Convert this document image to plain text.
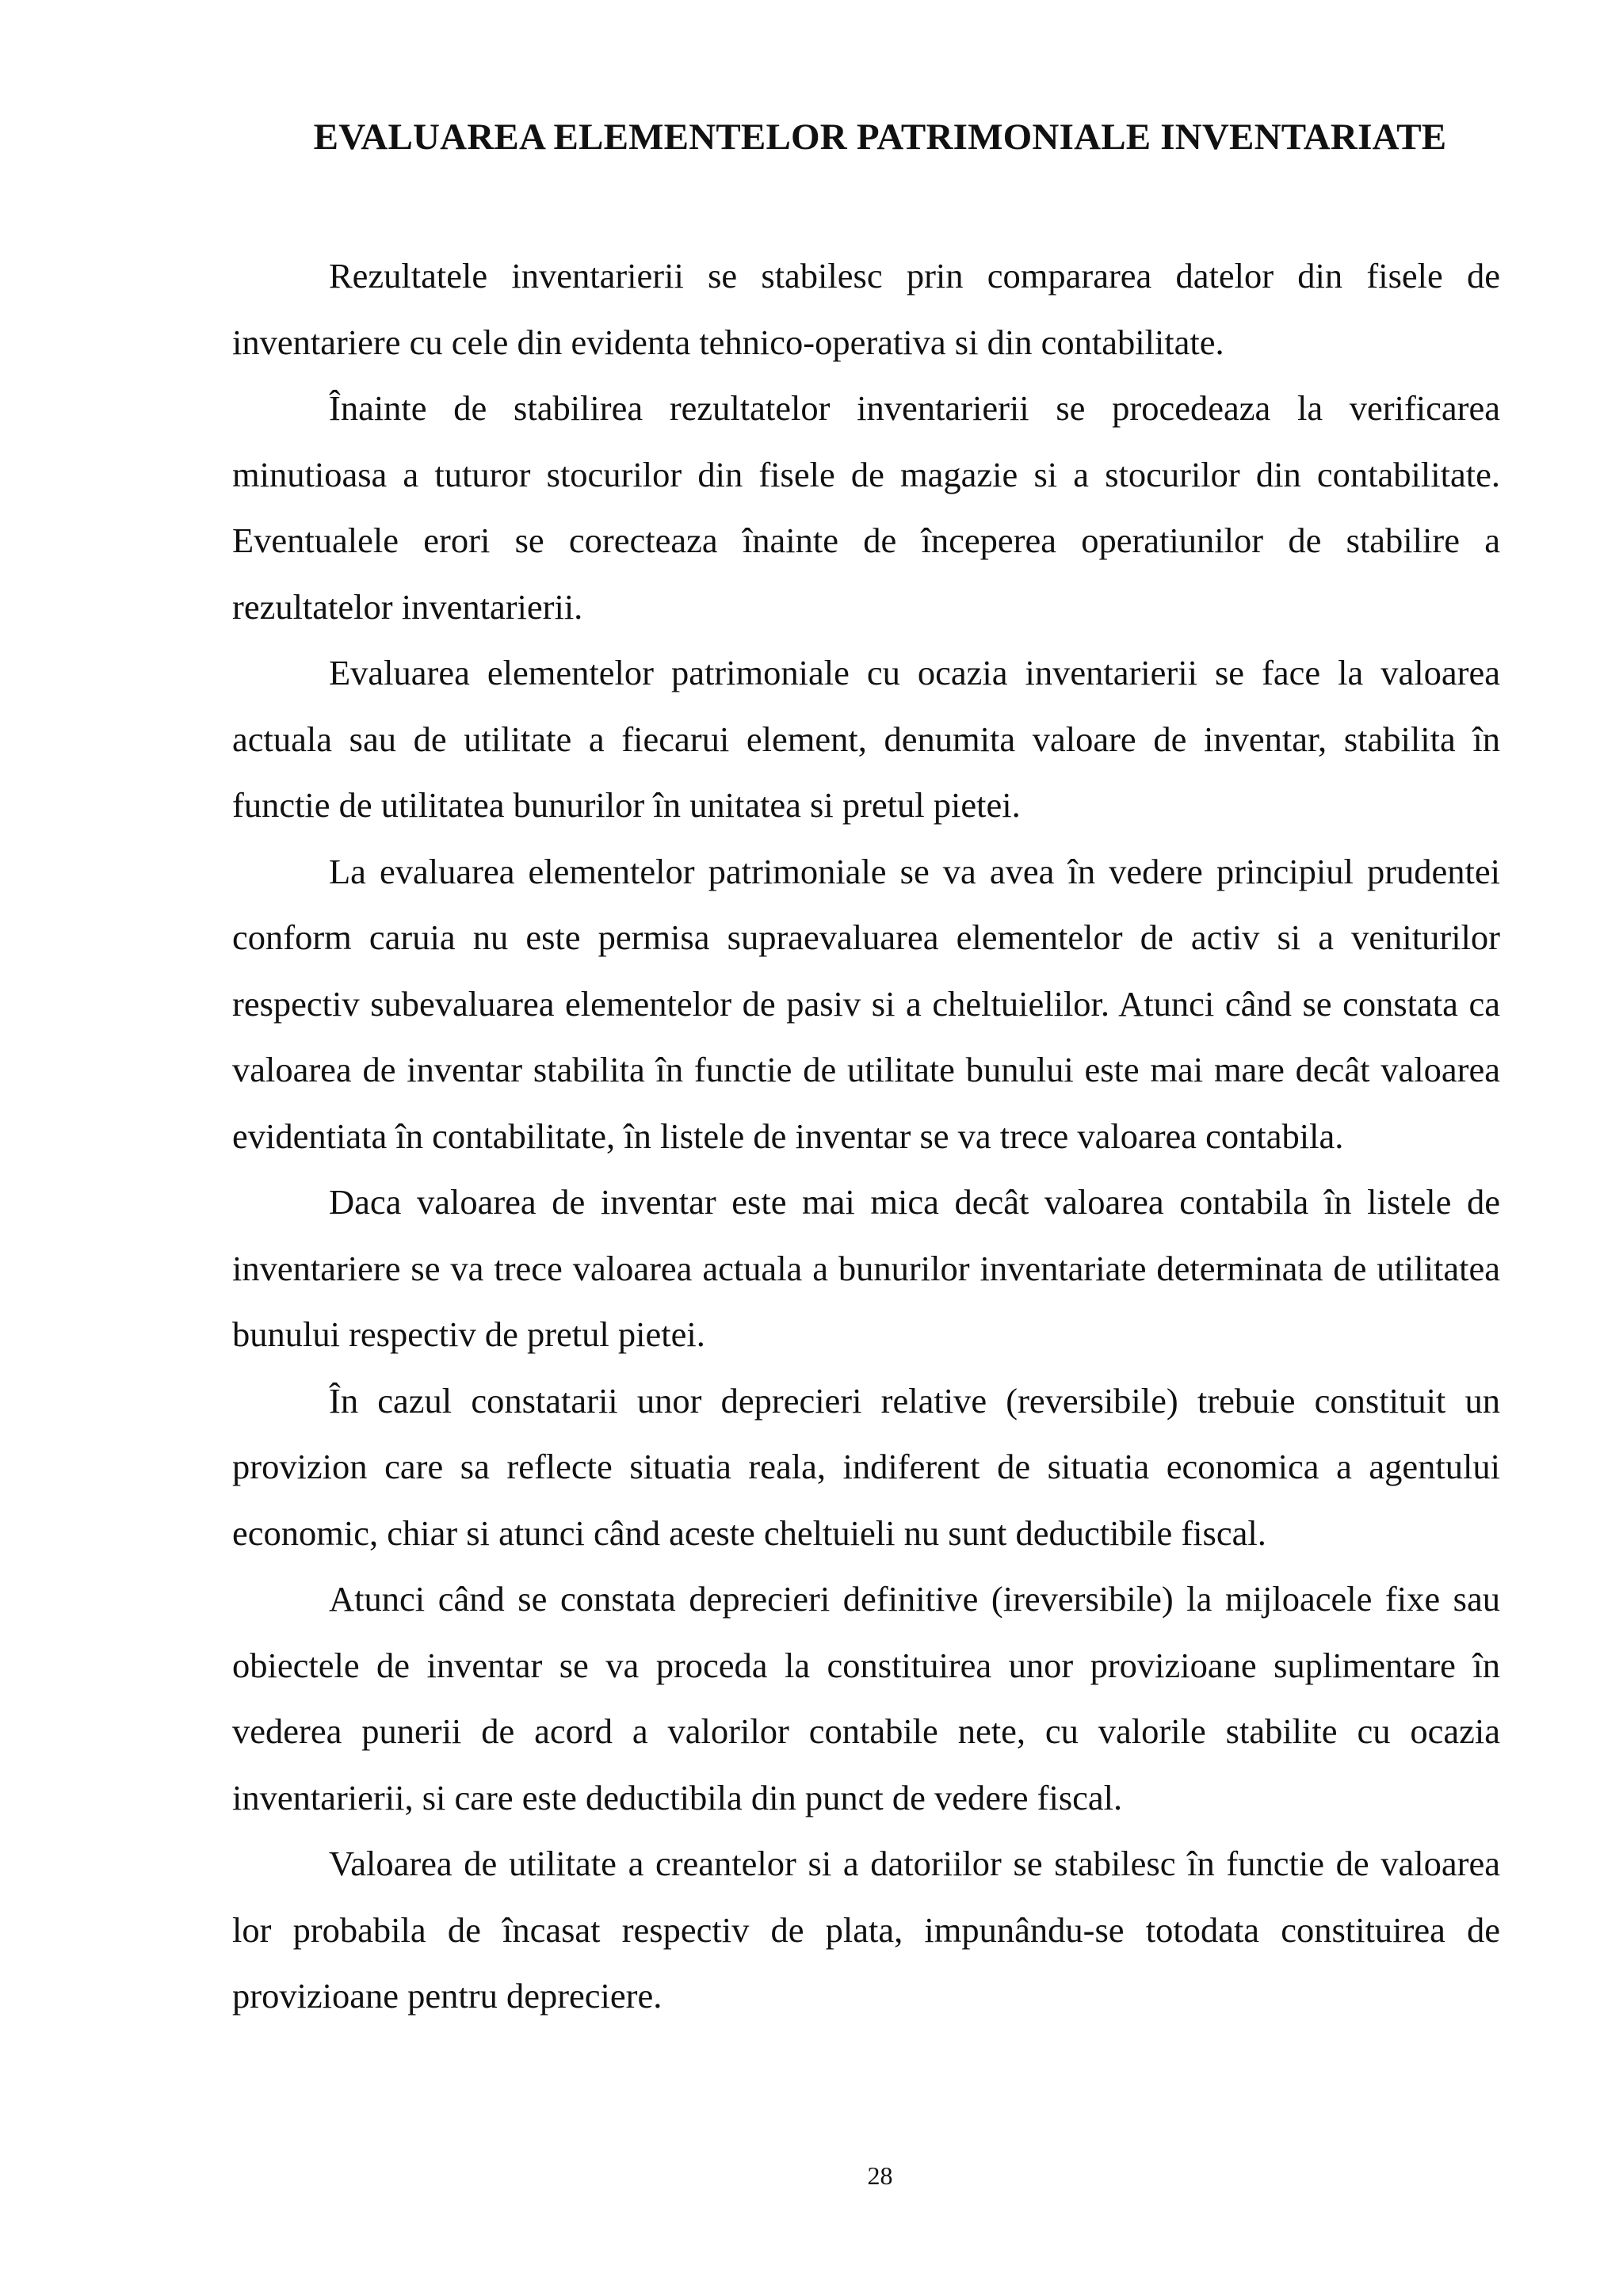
EVALUAREA ELEMENTELOR PATRIMONIALE INVENTARIATE

Rezultatele inventarierii se stabilesc prin compararea datelor din fisele de inventariere cu cele din evidenta tehnico-operativa si din contabilitate.

Înainte de stabilirea rezultatelor inventarierii se procedeaza la verificarea minutioasa a tuturor stocurilor din fisele de magazie si a stocurilor din contabilitate. Eventualele erori se corecteaza înainte de începerea operatiunilor de stabilire a rezultatelor inventarierii.

Evaluarea elementelor patrimoniale cu ocazia inventarierii se face la valoarea actuala sau de utilitate a fiecarui element, denumita valoare de inventar, stabilita în functie de utilitatea bunurilor în unitatea si pretul pietei.

La evaluarea elementelor patrimoniale se va avea în vedere principiul prudentei conform caruia nu este permisa supraevaluarea elementelor de activ si a veniturilor respectiv subevaluarea elementelor de pasiv si a cheltuielilor. Atunci când se constata ca valoarea de inventar stabilita în functie de utilitate bunului este mai mare decât valoarea evidentiata în contabilitate, în listele de inventar se va trece valoarea contabila.

Daca valoarea de inventar este mai mica decât valoarea contabila în listele de inventariere se va trece valoarea actuala a bunurilor inventariate determinata de utilitatea bunului respectiv de pretul pietei.

În cazul constatarii unor deprecieri relative (reversibile) trebuie constituit un provizion care sa reflecte situatia reala, indiferent de situatia economica a agentului economic, chiar si atunci când aceste cheltuieli nu sunt deductibile fiscal.

Atunci când se constata deprecieri definitive (ireversibile) la mijloacele fixe sau obiectele de inventar se va proceda la constituirea unor provizioane suplimentare în vederea punerii de acord a valorilor contabile nete, cu valorile stabilite cu ocazia inventarierii, si care este deductibila din punct de vedere fiscal.

Valoarea de utilitate a creantelor si a datoriilor se stabilesc în functie de valoarea lor probabila de încasat respectiv de plata, impunându-se totodata constituirea de provizioane pentru depreciere.

28
